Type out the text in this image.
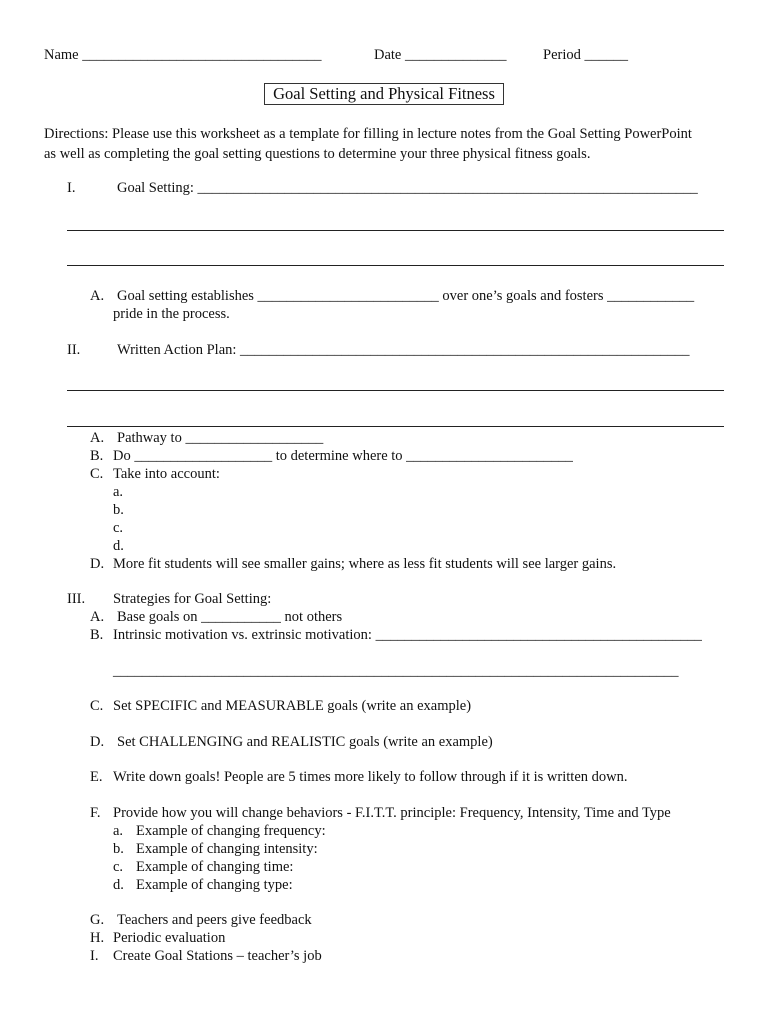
Name _________________________________	Date ______________	Period ______
Goal Setting and Physical Fitness
Directions: Please use this worksheet as a template for filling in lecture notes from the Goal Setting PowerPoint
as well as completing the goal setting questions to determine your three physical fitness goals.
I.	Goal Setting: _____________________________________________________________________
A. Goal setting establishes _________________________ over one’s goals and fosters ____________
pride in the process.
II.	Written Action Plan: ______________________________________________________________
A. Pathway to ___________________
B. Do ___________________ to determine where to _______________________
C. Take into account:
a.
b.
c.
d.
D. More fit students will see smaller gains; where as less fit students will see larger gains.
III. Strategies for Goal Setting:
A. Base goals on ___________ not others
B. Intrinsic motivation vs. extrinsic motivation: _____________________________________________
______________________________________________________________________________
C. Set SPECIFIC and MEASURABLE goals (write an example)
D. Set CHALLENGING and REALISTIC goals (write an example)
E. Write down goals! People are 5 times more likely to follow through if it is written down.
F. Provide how you will change behaviors - F.I.T.T. principle: Frequency, Intensity, Time and Type
a. Example of changing frequency:
b. Example of changing intensity:
c. Example of changing time:
d. Example of changing type:
G. Teachers and peers give feedback
H. Periodic evaluation
I. Create Goal Stations – teacher’s job
